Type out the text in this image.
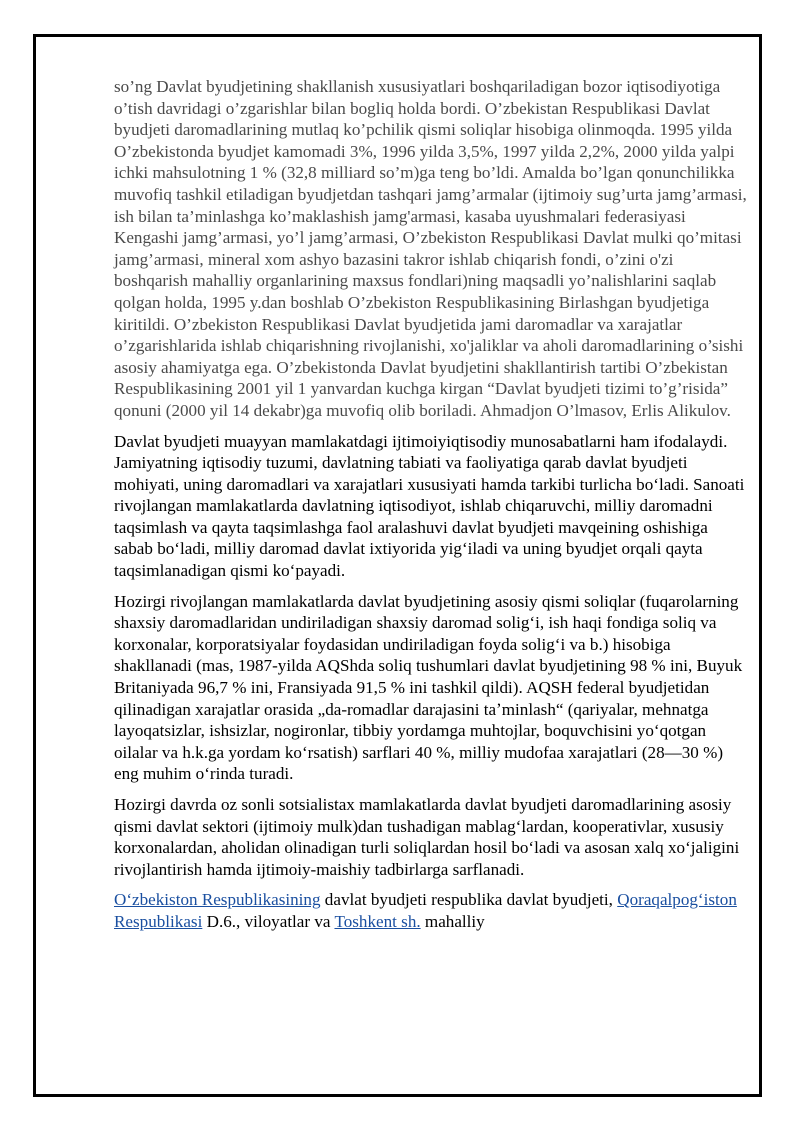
so’ng Davlat byudjetining shakllanish xususiyatlari boshqariladigan bozor iqtisodiyotiga o’tish davridagi o’zgarishlar bilan bogliq holda bordi. O’zbekistan Respublikasi Davlat byudjeti daromadlarining mutlaq ko’pchilik qismi soliqlar hisobiga olinmoqda. 1995 yilda O’zbekistonda byudjet kamomadi 3%, 1996 yilda 3,5%, 1997 yilda 2,2%, 2000 yilda yalpi ichki mahsulotning 1 % (32,8 milliard so’m)ga teng bo’ldi. Amalda bo’lgan qonunchilikka muvofiq tashkil etiladigan byudjetdan tashqari jamg’armalar (ijtimoiy sug’urta jamg’armasi, ish bilan ta’minlashga ko’maklashish jamg'armasi, kasaba uyushmalari federasiyasi Kengashi jamg’armasi, yo’l jamg’armasi, O’zbekiston Respublikasi Davlat mulki qo’mitasi jamg’armasi, mineral xom ashyo bazasini takror ishlab chiqarish fondi, o’zini o'zi boshqarish mahalliy organlarining maxsus fondlari)ning maqsadli yo’nalishlarini saqlab qolgan holda, 1995 y.dan boshlab O’zbekiston Respublikasining Birlashgan byudjetiga kiritildi. O’zbekiston Respublikasi Davlat byudjetida jami daromadlar va xarajatlar o’zgarishlarida ishlab chiqarishning rivojlanishi, xo'jaliklar va aholi daromadlarining o’sishi asosiy ahamiyatga ega. O’zbekistonda Davlat byudjetini shakllantirish tartibi O’zbekistan Respublikasining 2001 yil 1 yanvardan kuchga kirgan “Davlat byudjeti tizimi to’g’risida” qonuni (2000 yil 14 dekabr)ga muvofiq olib boriladi. Ahmadjon O’lmasov, Erlis Alikulov.

Davlat byudjeti muayyan mamlakatdagi ijtimoiyiqtisodiy munosabatlarni ham ifodalaydi. Jamiyatning iqtisodiy tuzumi, davlatning tabiati va faoliyatiga qarab davlat byudjeti mohiyati, uning daromadlari va xarajatlari xususiyati hamda tarkibi turlicha boʻladi. Sanoati rivojlangan mamlakatlarda davlatning iqtisodiyot, ishlab chiqaruvchi, milliy daromadni taqsimlash va qayta taqsimlashga faol aralashuvi davlat byudjeti mavqeining oshishiga sabab boʻladi, milliy daromad davlat ixtiyorida yigʻiladi va uning byudjet orqali qayta taqsimlanadigan qismi koʻpayadi.

Hozirgi rivojlangan mamlakatlarda davlat byudjetining asosiy qismi soliqlar (fuqarolarning shaxsiy daromadlaridan undiriladigan shaxsiy daromad soligʻi, ish haqi fondiga soliq va korxonalar, korporatsiyalar foydasidan undiriladigan foyda soligʻi va b.) hisobiga shakllanadi (mas, 1987-yilda AQShda soliq tushumlari davlat byudjetining 98 % ini, Buyuk Britaniyada 96,7 % ini, Fransiyada 91,5 % ini tashkil qildi). AQSH federal byudjetidan qilinadigan xarajatlar orasida „da-romadlar darajasini taʼminlash“ (qariyalar, mehnatga layoqatsizlar, ishsizlar, nogironlar, tibbiy yordamga muhtojlar, boquvchisini yoʻqotgan oilalar va h.k.ga yordam koʻrsatish) sarflari 40 %, milliy mudofaa xarajatlari (28—30 %) eng muhim oʻrinda turadi.

Hozirgi davrda oz sonli sotsialistax mamlakatlarda davlat byudjeti daromadlarining asosiy qismi davlat sektori (ijtimoiy mulk)dan tushadigan mablagʻlardan, kooperativlar, xususiy korxonalardan, aholidan olinadigan turli soliqlardan hosil boʻladi va asosan xalq xoʻjaligini rivojlantirish hamda ijtimoiy-maishiy tadbirlarga sarflanadi.

Oʻzbekiston Respublikasining davlat byudjeti respublika davlat byudjeti, Qoraqalpogʻiston Respublikasi D.6., viloyatlar va Toshkent sh. mahalliy
